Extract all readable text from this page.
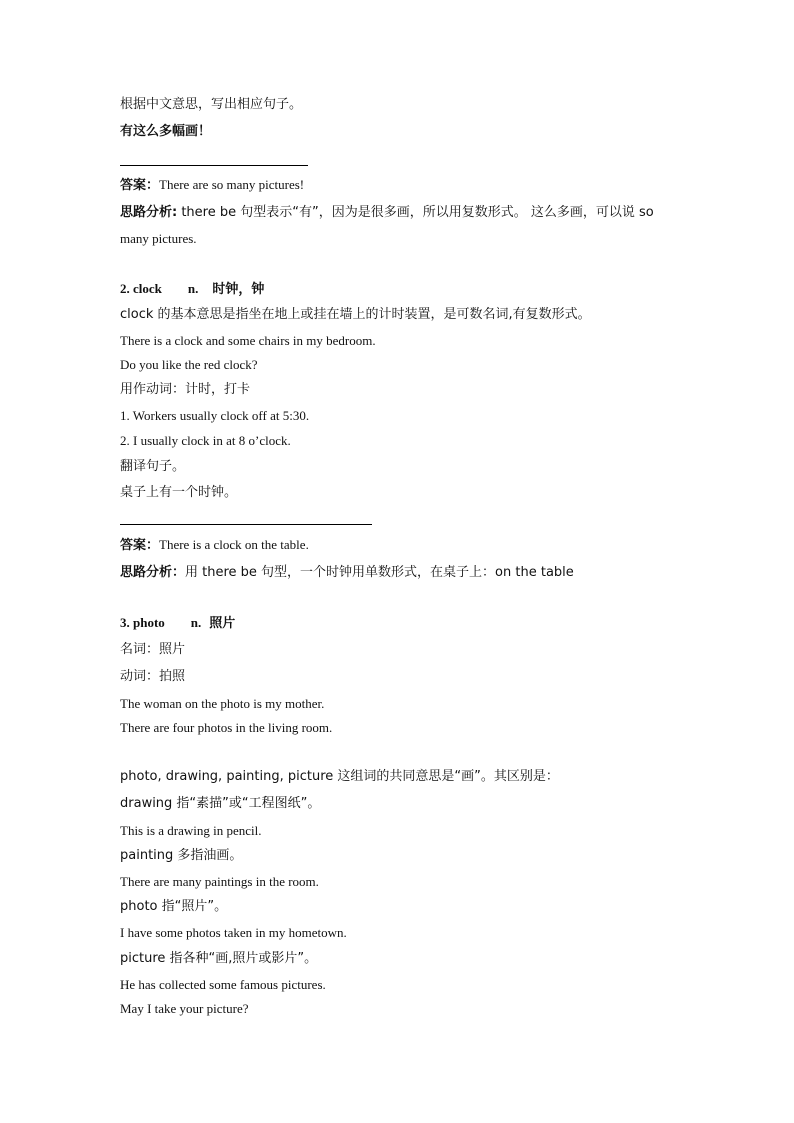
根据中文意思，写出相应句子。
有这么多幅画！
答案：There are so many pictures!
思路分析: there be 句型表示“有”，因为是很多画，所以用复数形式。 这么多画，可以说 so
many pictures.
2. clock n. 时钟，钟
clock 的基本意思是指坐在地上或挂在墙上的计时装置，是可数名词,有复数形式。
There is a clock and some chairs in my bedroom.
Do you like the red clock?
用作动词：计时，打卡
1. Workers usually clock off at 5:30.
2. I usually clock in at 8 o’clock.
翻译句子。
桌子上有一个时钟。
答案：There is a clock on the table.
思路分析：用 there be 句型，一个时钟用单数形式，在桌子上：on the table
3. photo n. 照片
名词：照片
动词：拍照
The woman on the photo is my mother.
There are four photos in the living room.
photo, drawing, painting, picture 这组词的共同意思是“画”。其区别是：
drawing 指“素描”或“工程图纸”。
This is a drawing in pencil.
painting 多指油画。
There are many paintings in the room.
photo 指“照片”。
I have some photos taken in my hometown.
picture 指各种“画,照片或影片”。
He has collected some famous pictures.
May I take your picture?
